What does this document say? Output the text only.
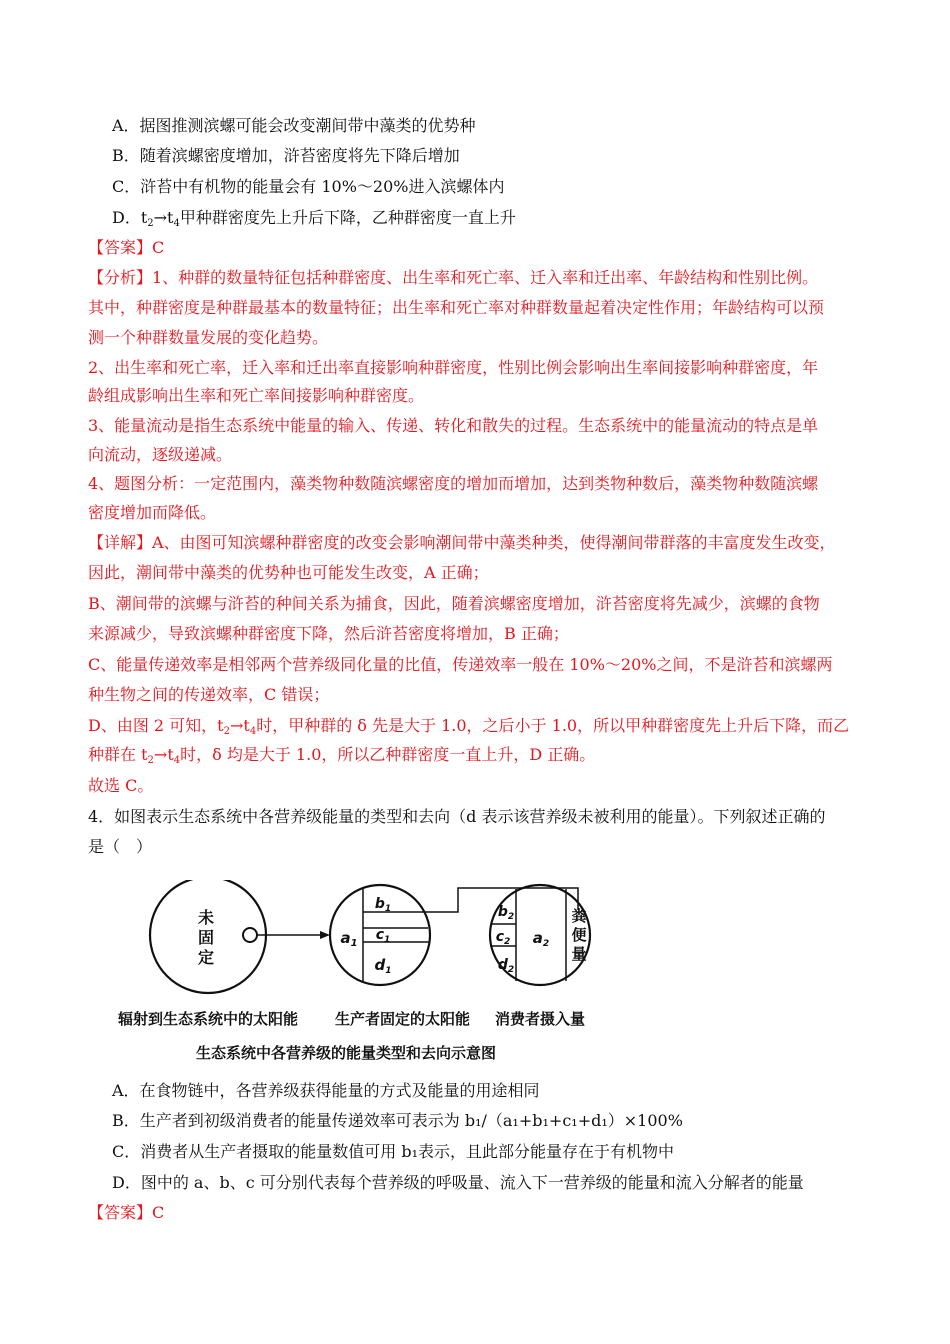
A．据图推测滨螺可能会改变潮间带中藻类的优势种
B．随着滨螺密度增加，浒苔密度将先下降后增加
C．浒苔中有机物的能量会有 10%～20%进入滨螺体内
D．$t_2\to t_4$甲种群密度先上升后下降，乙种群密度一直上升
【答案】C
【分析】1、种群的数量特征包括种群密度、出生率和死亡率、迁入率和迁出率、年龄结构和性别比例。
其中，种群密度是种群最基本的数量特征；出生率和死亡率对种群数量起着决定性作用；年龄结构可以预
测一个种群数量发展的变化趋势。
2、出生率和死亡率，迁入率和迁出率直接影响种群密度，性别比例会影响出生率间接影响种群密度，年
龄组成影响出生率和死亡率间接影响种群密度。
3、能量流动是指生态系统中能量的输入、传递、转化和散失的过程。生态系统中的能量流动的特点是单
向流动，逐级递减。
4、题图分析：一定范围内，藻类物种数随滨螺密度的增加而增加，达到类物种数后，藻类物种数随滨螺
密度增加而降低。
【详解】A、由图可知滨螺种群密度的改变会影响潮间带中藻类种类，使得潮间带群落的丰富度发生改变，
因此，潮间带中藻类的优势种也可能发生改变，A 正确；
B、潮间带的滨螺与浒苔的种间关系为捕食，因此，随着滨螺密度增加，浒苔密度将先减少，滨螺的食物
来源减少，导致滨螺种群密度下降，然后浒苔密度将增加，B 正确；
C、能量传递效率是相邻两个营养级同化量的比值，传递效率一般在 10%～20%之间，不是浒苔和滨螺两
种生物之间的传递效率，C 错误；
D、由图 2 可知，$t_2\to t_4$时，甲种群的 δ 先是大于 1.0，之后小于 1.0，所以甲种群密度先上升后下降，而乙
种群在 $t_2\to t_4$时，δ 均是大于 1.0，所以乙种群密度一直上升，D 正确。
故选 C。
4．如图表示生态系统中各营养级能量的类型和去向（d 表示该营养级未被利用的能量）。下列叙述正确的
是（　）
未
固
定
$a_1$
$b_1$
$c_1$
$d_1$
$b_2$
$c_2$
$d_2$
$a_2$
粪
便
量
辐射到生态系统中的太阳能 生产者固定的太阳能 消费者摄入量
生态系统中各营养级的能量类型和去向示意图
A．在食物链中，各营养级获得能量的方式及能量的用途相同
B．生产者到初级消费者的能量传递效率可表示为 b₁/（a₁+b₁+c₁+d₁）×100%
C．消费者从生产者摄取的能量数值可用 b₁表示，且此部分能量存在于有机物中
D．图中的 a、b、c 可分别代表每个营养级的呼吸量、流入下一营养级的能量和流入分解者的能量
【答案】C
